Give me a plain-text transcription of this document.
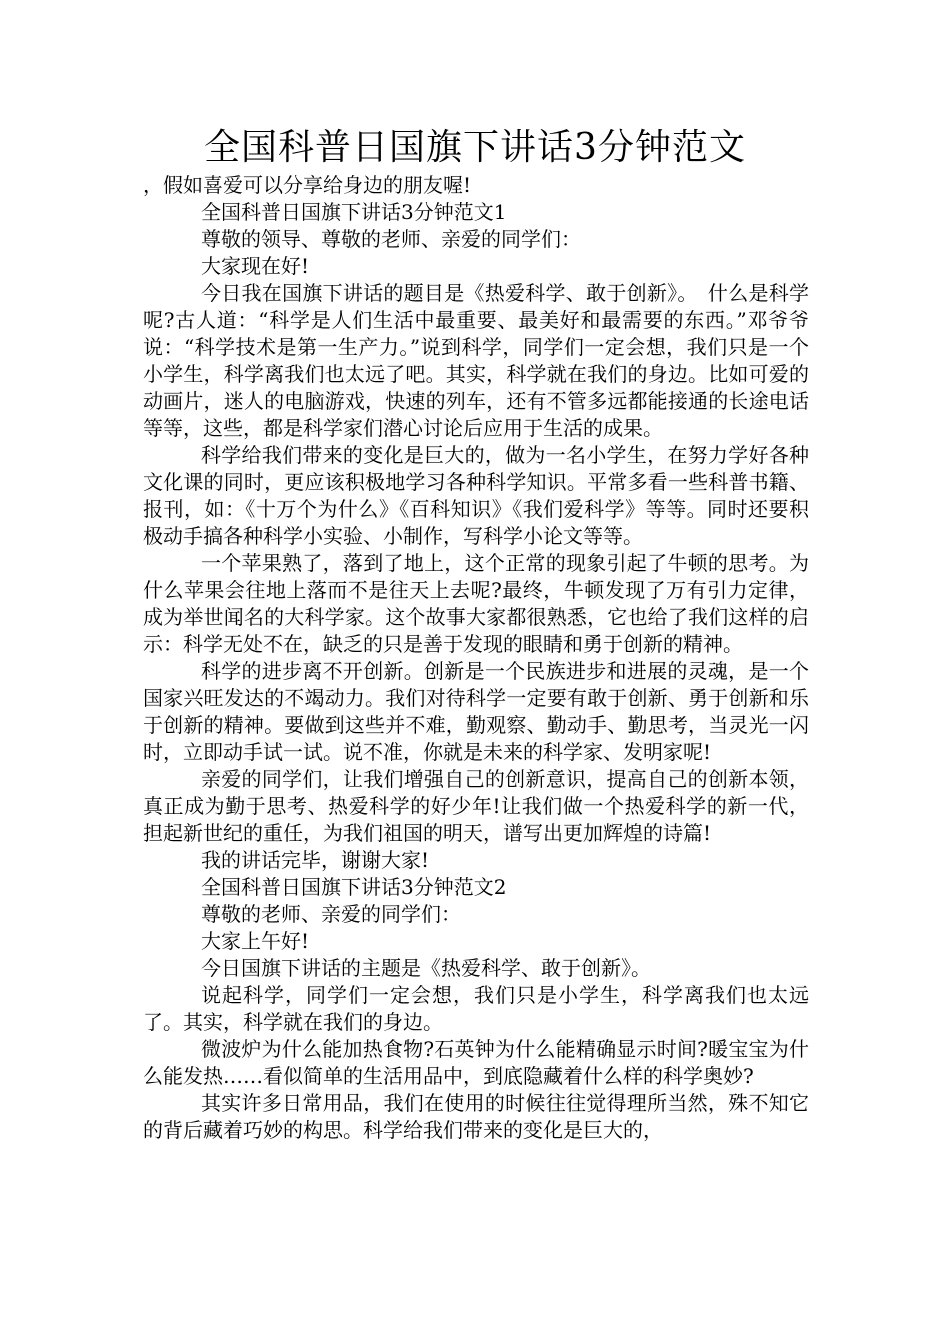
全国科普日国旗下讲话3分钟范文

，假如喜爱可以分享给身边的朋友喔!

全国科普日国旗下讲话3分钟范文1

尊敬的领导、尊敬的老师、亲爱的同学们：

大家现在好!

今日我在国旗下讲话的题目是《热爱科学、敢于创新》。　什么是科学呢?古人道：“科学是人们生活中最重要、最美好和最需要的东西。”邓爷爷说：“科学技术是第一生产力。”说到科学，同学们一定会想，我们只是一个小学生，科学离我们也太远了吧。其实，科学就在我们的身边。比如可爱的动画片，迷人的电脑游戏，快速的列车，还有不管多远都能接通的长途电话等等，这些，都是科学家们潜心讨论后应用于生活的成果。

科学给我们带来的变化是巨大的，做为一名小学生，在努力学好各种文化课的同时，更应该积极地学习各种科学知识。平常多看一些科普书籍、报刊，如：《十万个为什么》《百科知识》《我们爱科学》等等。同时还要积极动手搞各种科学小实验、小制作，写科学小论文等等。

一个苹果熟了，落到了地上，这个正常的现象引起了牛顿的思考。为什么苹果会往地上落而不是往天上去呢?最终，牛顿发现了万有引力定律，成为举世闻名的大科学家。这个故事大家都很熟悉，它也给了我们这样的启示：科学无处不在，缺乏的只是善于发现的眼睛和勇于创新的精神。

科学的进步离不开创新。创新是一个民族进步和进展的灵魂，是一个国家兴旺发达的不竭动力。我们对待科学一定要有敢于创新、勇于创新和乐于创新的精神。要做到这些并不难，勤观察、勤动手、勤思考，当灵光一闪时，立即动手试一试。说不准，你就是未来的科学家、发明家呢!

亲爱的同学们，让我们增强自己的创新意识，提高自己的创新本领，真正成为勤于思考、热爱科学的好少年!让我们做一个热爱科学的新一代，担起新世纪的重任，为我们祖国的明天，谱写出更加辉煌的诗篇!

我的讲话完毕，谢谢大家!

全国科普日国旗下讲话3分钟范文2

尊敬的老师、亲爱的同学们：

大家上午好!

今日国旗下讲话的主题是《热爱科学、敢于创新》。

说起科学，同学们一定会想，我们只是小学生，科学离我们也太远了。其实，科学就在我们的身边。

微波炉为什么能加热食物?石英钟为什么能精确显示时间?暖宝宝为什么能发热……看似简单的生活用品中，到底隐藏着什么样的科学奥妙?

其实许多日常用品，我们在使用的时候往往觉得理所当然，殊不知它的背后藏着巧妙的构思。科学给我们带来的变化是巨大的，
